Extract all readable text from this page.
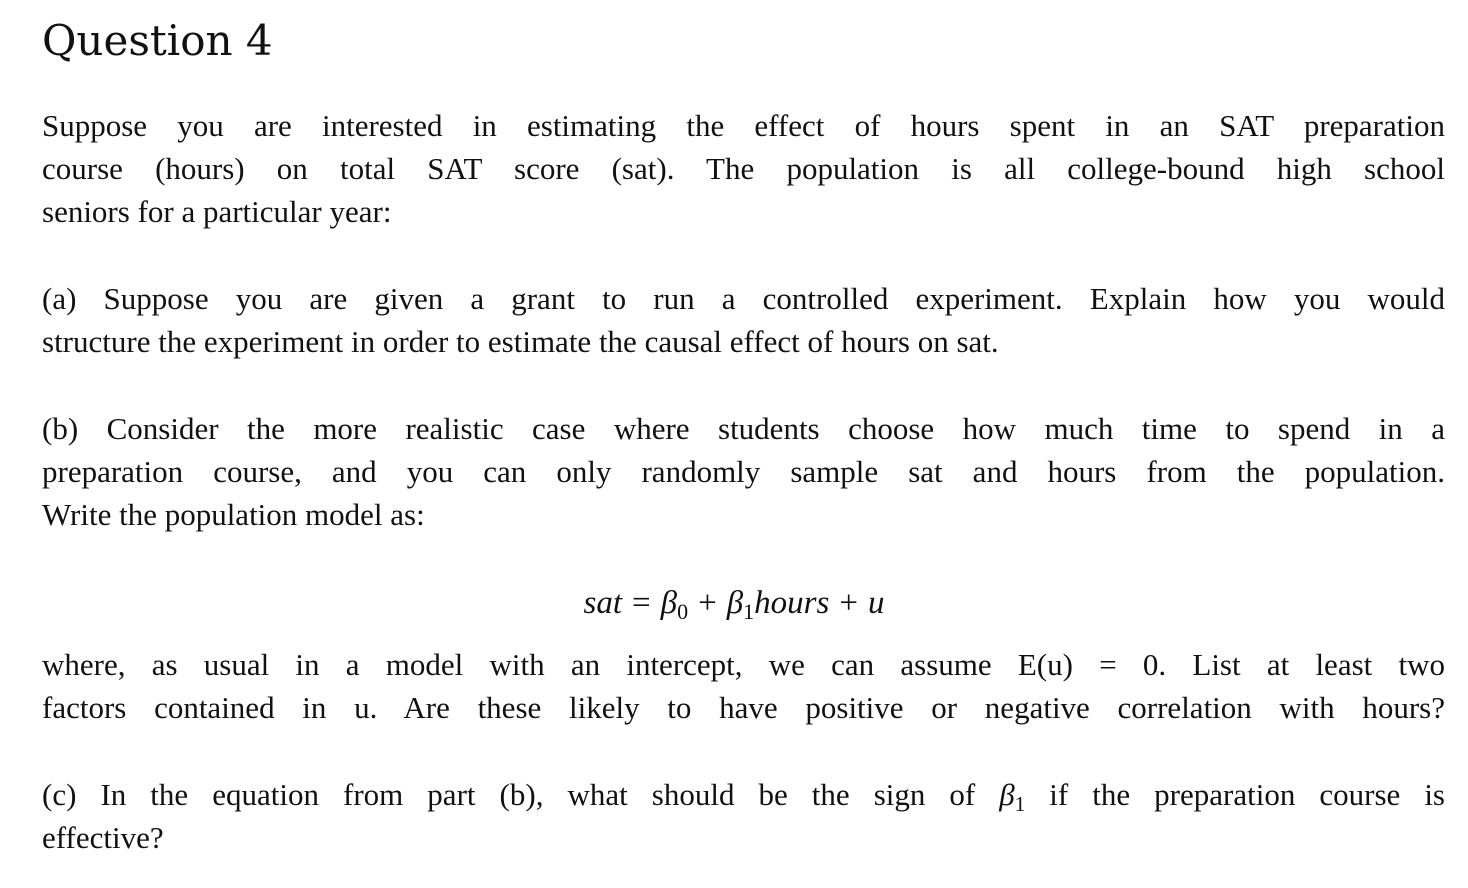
Question 4
Suppose you are interested in estimating the effect of hours spent in an SAT preparation
course (hours) on total SAT score (sat). The population is all college-bound high school
seniors for a particular year:
(a) Suppose you are given a grant to run a controlled experiment. Explain how you would
structure the experiment in order to estimate the causal effect of hours on sat.
(b) Consider the more realistic case where students choose how much time to spend in a
preparation course, and you can only randomly sample sat and hours from the population.
Write the population model as:
sat = $\beta_0$ + $\beta_1hours + u$
where, as usual in a model with an intercept, we can assume E(u) = 0. List at least two
factors contained in u. Are these likely to have positive or negative correlation with hours?
(c) In the equation from part (b), what should be the sign of $\beta_1$ if the preparation course is
effective?
